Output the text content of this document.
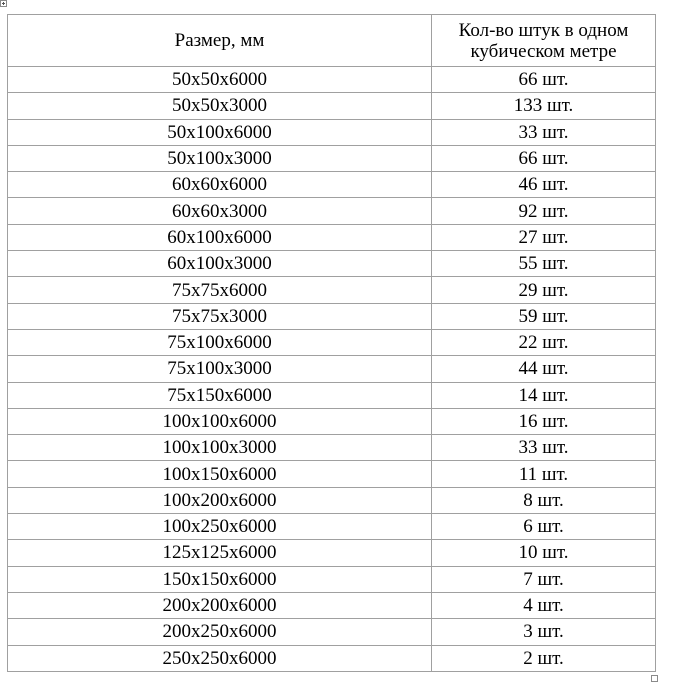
Размер, мм	Кол-во штук в одном кубическом метре
50x50x6000	66 шт.
50x50x3000	133 шт.
50x100x6000	33 шт.
50x100x3000	66 шт.
60x60x6000	46 шт.
60x60x3000	92 шт.
60x100x6000	27 шт.
60x100x3000	55 шт.
75x75x6000	29 шт.
75x75x3000	59 шт.
75x100x6000	22 шт.
75x100x3000	44 шт.
75x150x6000	14 шт.
100x100x6000	16 шт.
100x100x3000	33 шт.
100x150x6000	11 шт.
100x200x6000	8 шт.
100x250x6000	6 шт.
125x125x6000	10 шт.
150x150x6000	7 шт.
200x200x6000	4 шт.
200x250x6000	3 шт.
250x250x6000	2 шт.
